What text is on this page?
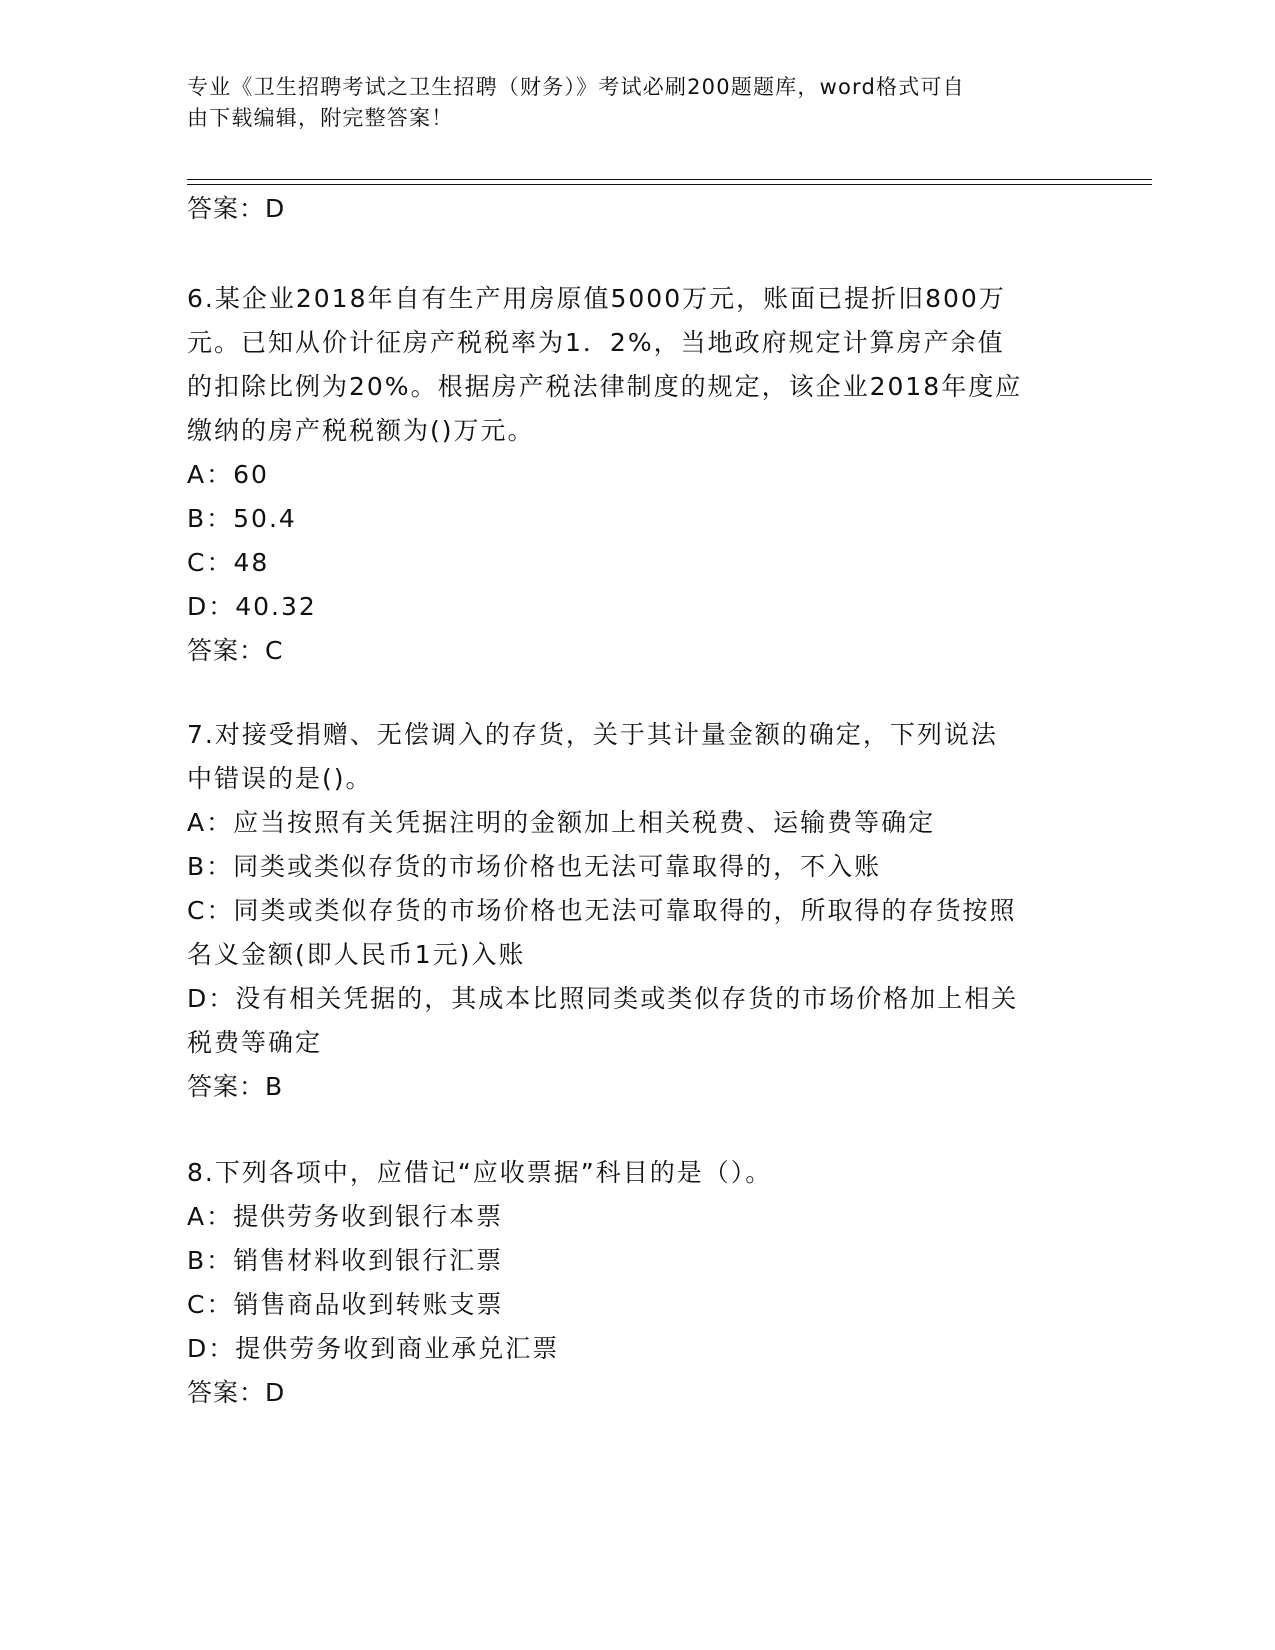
专业《卫生招聘考试之卫生招聘（财务）》考试必刷200题题库，word格式可自
由下载编辑，附完整答案！
答案：D
6.某企业2018年自有生产用房原值5000万元，账面已提折旧800万
元。已知从价计征房产税税率为1．2%，当地政府规定计算房产余值
的扣除比例为20%。根据房产税法律制度的规定，该企业2018年度应
缴纳的房产税税额为()万元。
A：60
B：50.4
C：48
D：40.32
答案：C
7.对接受捐赠、无偿调入的存货，关于其计量金额的确定，下列说法
中错误的是()。
A：应当按照有关凭据注明的金额加上相关税费、运输费等确定
B：同类或类似存货的市场价格也无法可靠取得的，不入账
C：同类或类似存货的市场价格也无法可靠取得的，所取得的存货按照
名义金额(即人民币1元)入账
D：没有相关凭据的，其成本比照同类或类似存货的市场价格加上相关
税费等确定
答案：B
8.下列各项中，应借记“应收票据”科目的是（）。
A：提供劳务收到银行本票
B：销售材料收到银行汇票
C：销售商品收到转账支票
D：提供劳务收到商业承兑汇票
答案：D
